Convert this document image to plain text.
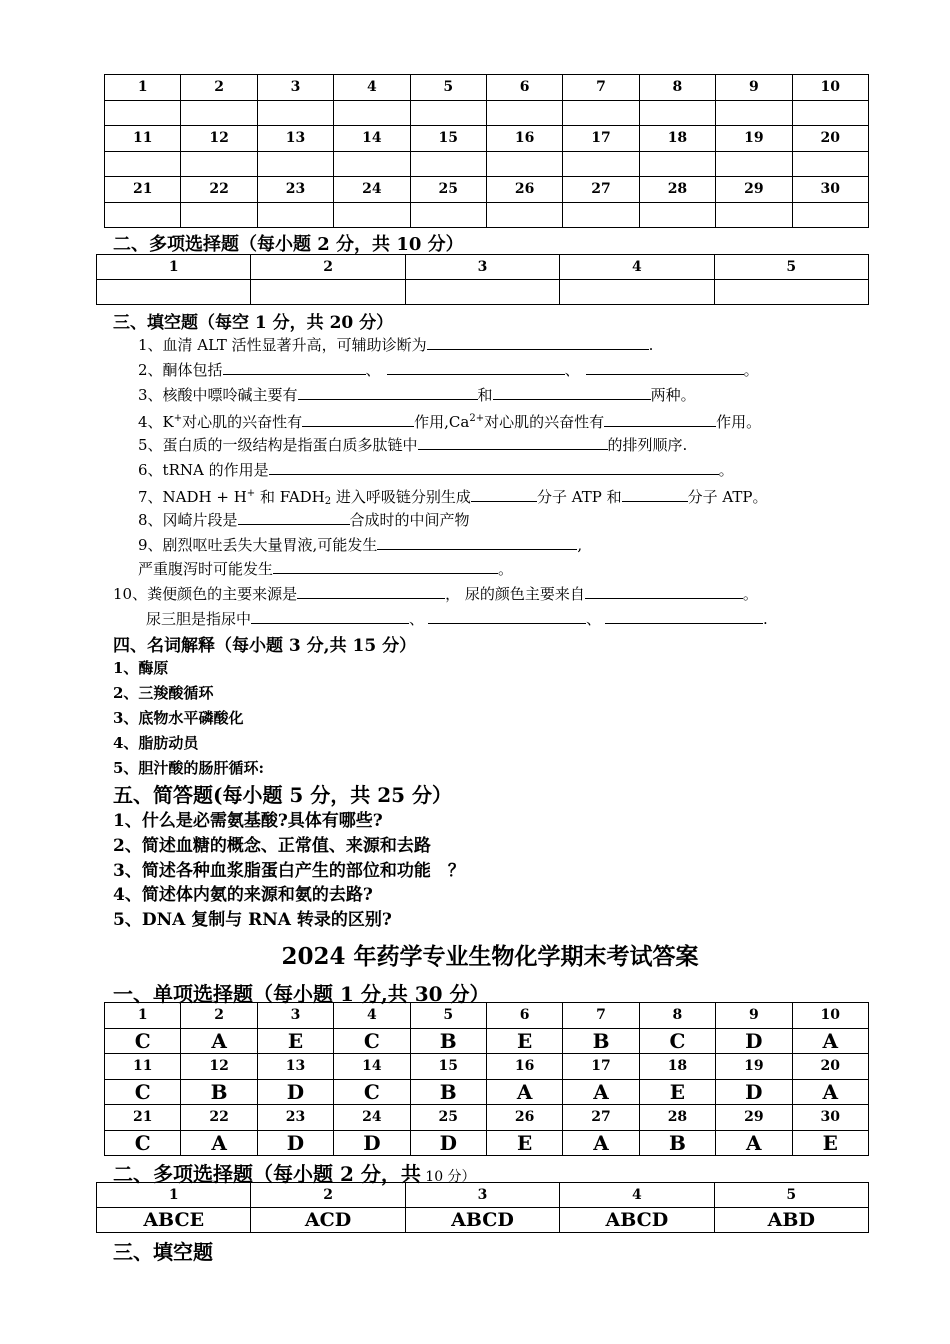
1	2	3	4	5	6	7	8	9	10

11	12	13	14	15	16	17	18	19	20

21	22	23	24	25	26	27	28	29	30

二、多项选择题（每小题 2 分，共 10 分）
1	2	3	4	5

三、填空题（每空 1 分，共 20 分）
1、血清 ALT 活性显著升高，可辅助诊断为	.
2、酮体包括	、	、	。
3、核酸中嘌呤碱主要有	和	两种。
4、K+对心肌的兴奋性有	作用$,Ca^{2+}$对心肌的兴奋性有	作用。
5、蛋白质的一级结构是指蛋白质多肽链中	的排列顺序.
6、tRNA 的作用是	。
7、NADH + H+ 和 $FADH_2$ 进入呼吸链分别生成	分子 ATP 和	分子 ATP。
8、冈崎片段是	合成时的中间产物
9、剧烈呕吐丢失大量胃液,可能发生	,
严重腹泻时可能发生	。
10、粪便颜色的主要来源是	， 尿的颜色主要来自	。
尿三胆是指尿中	、	、	.
四、名词解释（每小题 3 分,共 15 分）
1、酶原
2、三羧酸循环
3、底物水平磷酸化
4、脂肪动员
5、胆汁酸的肠肝循环:
五、简答题(每小题 5 分，共 25 分）
1、什么是必需氨基酸?具体有哪些?
2、简述血糖的概念、正常值、来源和去路
3、简述各种血浆脂蛋白产生的部位和功能　？
4、简述体内氨的来源和氨的去路?
5、DNA 复制与 RNA 转录的区别?
2024 年药学专业生物化学期末考试答案
一、单项选择题（每小题 1 分,共 30 分）
1	2	3	4	5	6	7	8	9	10
C	A	E	C	B	E	B	C	D	A
11	12	13	14	15	16	17	18	19	20
C	B	D	C	B	A	A	E	D	A
21	22	23	24	25	26	27	28	29	30
C	A	D	D	D	E	A	B	A	E
二、多项选择题（每小题 2 分，共 10 分）
1	2	3	4	5
ABCE	ACD	ABCD	ABCD	ABD
三、填空题
